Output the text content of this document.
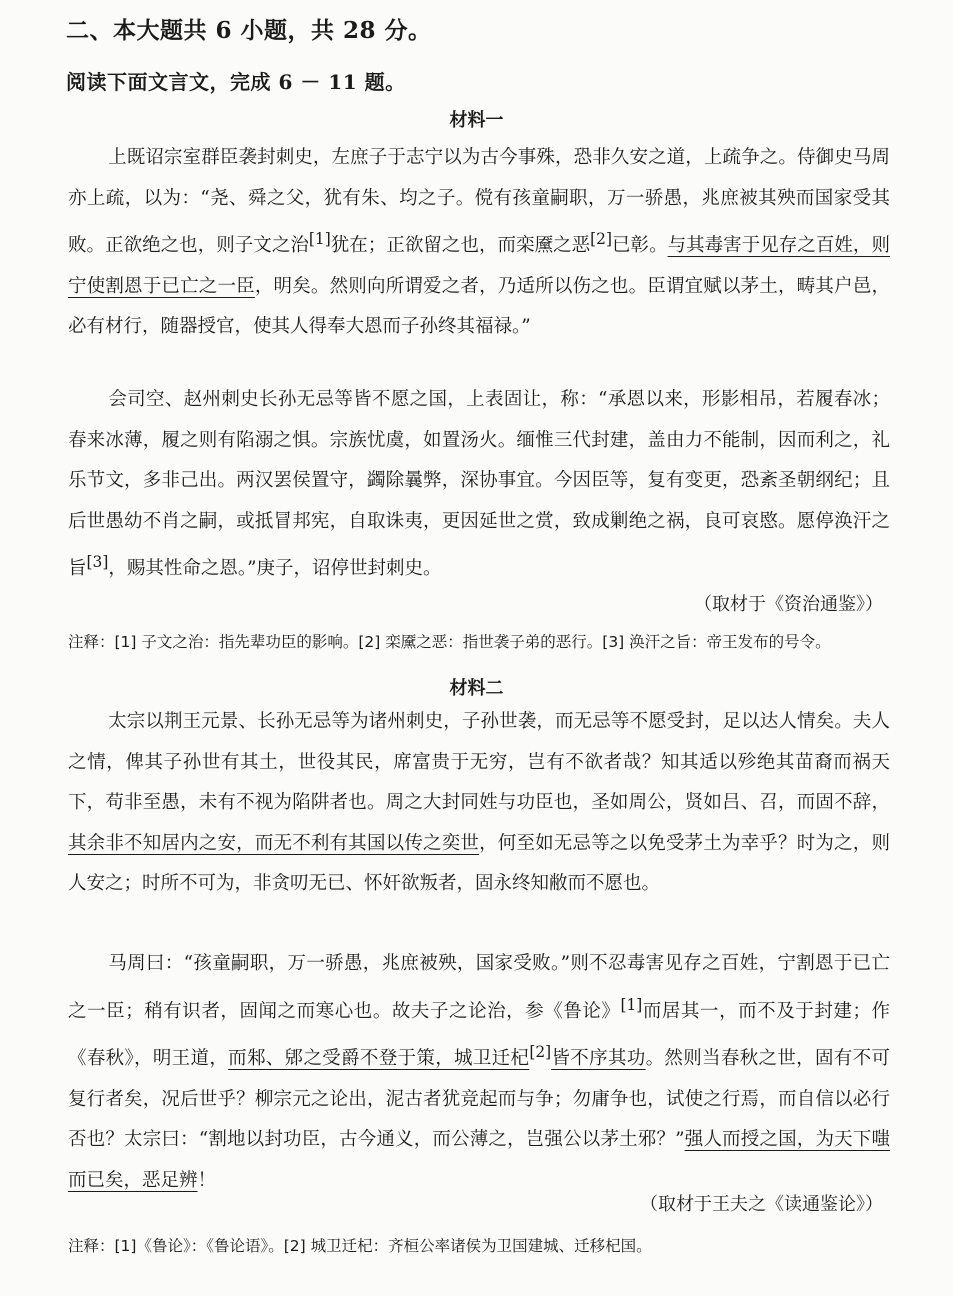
二、本大题共 6 小题，共 28 分。
阅读下面文言文，完成 6 － 11 题。
材料一

上既诏宗室群臣袭封刺史，左庶子于志宁以为古今事殊，恐非久安之道，上疏争之。侍御史马周亦上疏，以为：“尧、舜之父，犹有朱、均之子。傥有孩童嗣职，万一骄愚，兆庶被其殃而国家受其败。正欲绝之也，则子文之治[1]犹在；正欲留之也，而栾黡之恶[2]已彰。与其毒害于见存之百姓，则宁使割恩于已亡之一臣，明矣。然则向所谓爱之者，乃适所以伤之也。臣谓宜赋以茅土，畴其户邑，必有材行，随器授官，使其人得奉大恩而子孙终其福禄。”

会司空、赵州刺史长孙无忌等皆不愿之国，上表固让，称：“承恩以来，形影相吊，若履春冰；春来冰薄，履之则有陷溺之惧。宗族忧虞，如置汤火。缅惟三代封建，盖由力不能制，因而利之，礼乐节文，多非己出。两汉罢侯置守，蠲除曩弊，深协事宜。今因臣等，复有变更，恐紊圣朝纲纪；且后世愚幼不肖之嗣，或抵冒邦宪，自取诛夷，更因延世之赏，致成剿绝之祸，良可哀愍。愿停涣汗之旨[3]，赐其性命之恩。”庚子，诏停世封刺史。

（取材于《资治通鉴》）
注释：[1] 子文之治：指先辈功臣的影响。[2] 栾黡之恶：指世袭子弟的恶行。[3] 涣汗之旨：帝王发布的号令。
材料二

太宗以荆王元景、长孙无忌等为诸州刺史，子孙世袭，而无忌等不愿受封，足以达人情矣。夫人之情，俾其子孙世有其土，世役其民，席富贵于无穷，岂有不欲者哉？知其适以殄绝其苗裔而祸天下，苟非至愚，未有不视为陷阱者也。周之大封同姓与功臣也，圣如周公，贤如吕、召，而固不辞，其余非不知居内之安，而无不利有其国以传之奕世，何至如无忌等之以免受茅土为幸乎？时为之，则人安之；时所不可为，非贪叨无已、怀奸欲叛者，固永终知敝而不愿也。

马周曰：“孩童嗣职，万一骄愚，兆庶被殃，国家受败。”则不忍毒害见存之百姓，宁割恩于已亡之一臣；稍有识者，固闻之而寒心也。故夫子之论治，参《鲁论》[1]而居其一，而不及于封建；作《春秋》，明王道，而邾、郳之受爵不登于策，城卫迁杞[2]皆不序其功。然则当春秋之世，固有不可复行者矣，况后世乎？柳宗元之论出，泥古者犹竞起而与争；勿庸争也，试使之行焉，而自信以必行否也？太宗曰：“割地以封功臣，古今通义，而公薄之，岂强公以茅土邪？”强人而授之国，为天下嗤而已矣，恶足辨！

（取材于王夫之《读通鉴论》）
注释：[1]《鲁论》：《鲁论语》。[2] 城卫迁杞：齐桓公率诸侯为卫国建城、迁移杞国。
